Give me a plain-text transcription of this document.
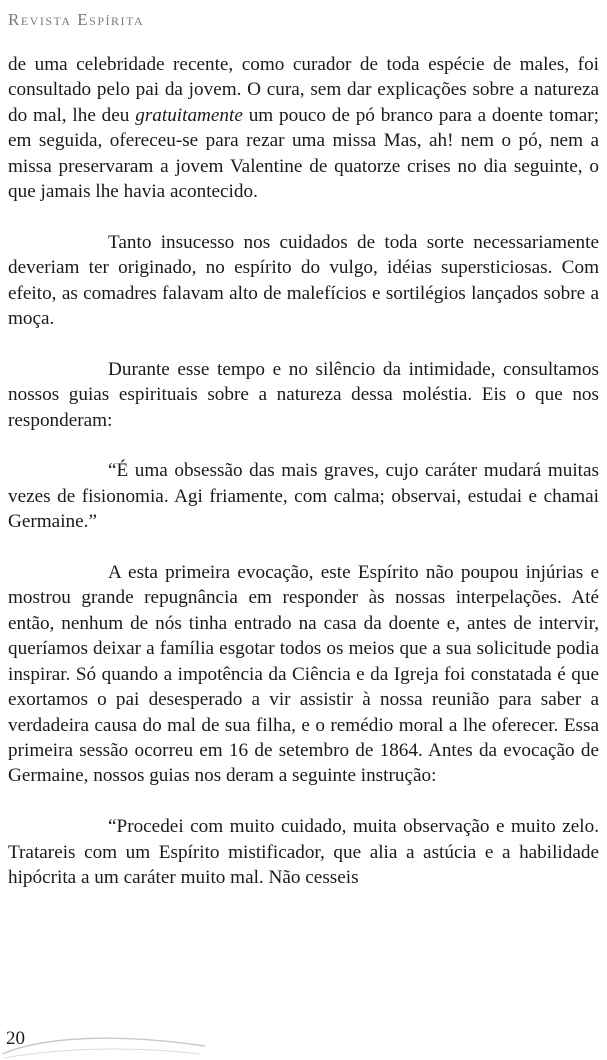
Revista Espírita

de uma celebridade recente, como curador de toda espécie de males, foi consultado pelo pai da jovem. O cura, sem dar explicações sobre a natureza do mal, lhe deu gratuitamente um pouco de pó branco para a doente tomar; em seguida, ofereceu-se para rezar uma missa Mas, ah! nem o pó, nem a missa preservaram a jovem Valentine de quatorze crises no dia seguinte, o que jamais lhe havia acontecido.

Tanto insucesso nos cuidados de toda sorte necessariamente deveriam ter originado, no espírito do vulgo, idéias supersticiosas. Com efeito, as comadres falavam alto de malefícios e sortilégios lançados sobre a moça.

Durante esse tempo e no silêncio da intimidade, consultamos nossos guias espirituais sobre a natureza dessa moléstia. Eis o que nos responderam:

“É uma obsessão das mais graves, cujo caráter mudará muitas vezes de fisionomia. Agi friamente, com calma; observai, estudai e chamai Germaine.”

A esta primeira evocação, este Espírito não poupou injúrias e mostrou grande repugnância em responder às nossas interpelações. Até então, nenhum de nós tinha entrado na casa da doente e, antes de intervir, queríamos deixar a família esgotar todos os meios que a sua solicitude podia inspirar. Só quando a impotência da Ciência e da Igreja foi constatada é que exortamos o pai desesperado a vir assistir à nossa reunião para saber a verdadeira causa do mal de sua filha, e o remédio moral a lhe oferecer. Essa primeira sessão ocorreu em 16 de setembro de 1864. Antes da evocação de Germaine, nossos guias nos deram a seguinte instrução:

“Procedei com muito cuidado, muita observação e muito zelo. Tratareis com um Espírito mistificador, que alia a astúcia e a habilidade hipócrita a um caráter muito mal. Não cesseis

20
